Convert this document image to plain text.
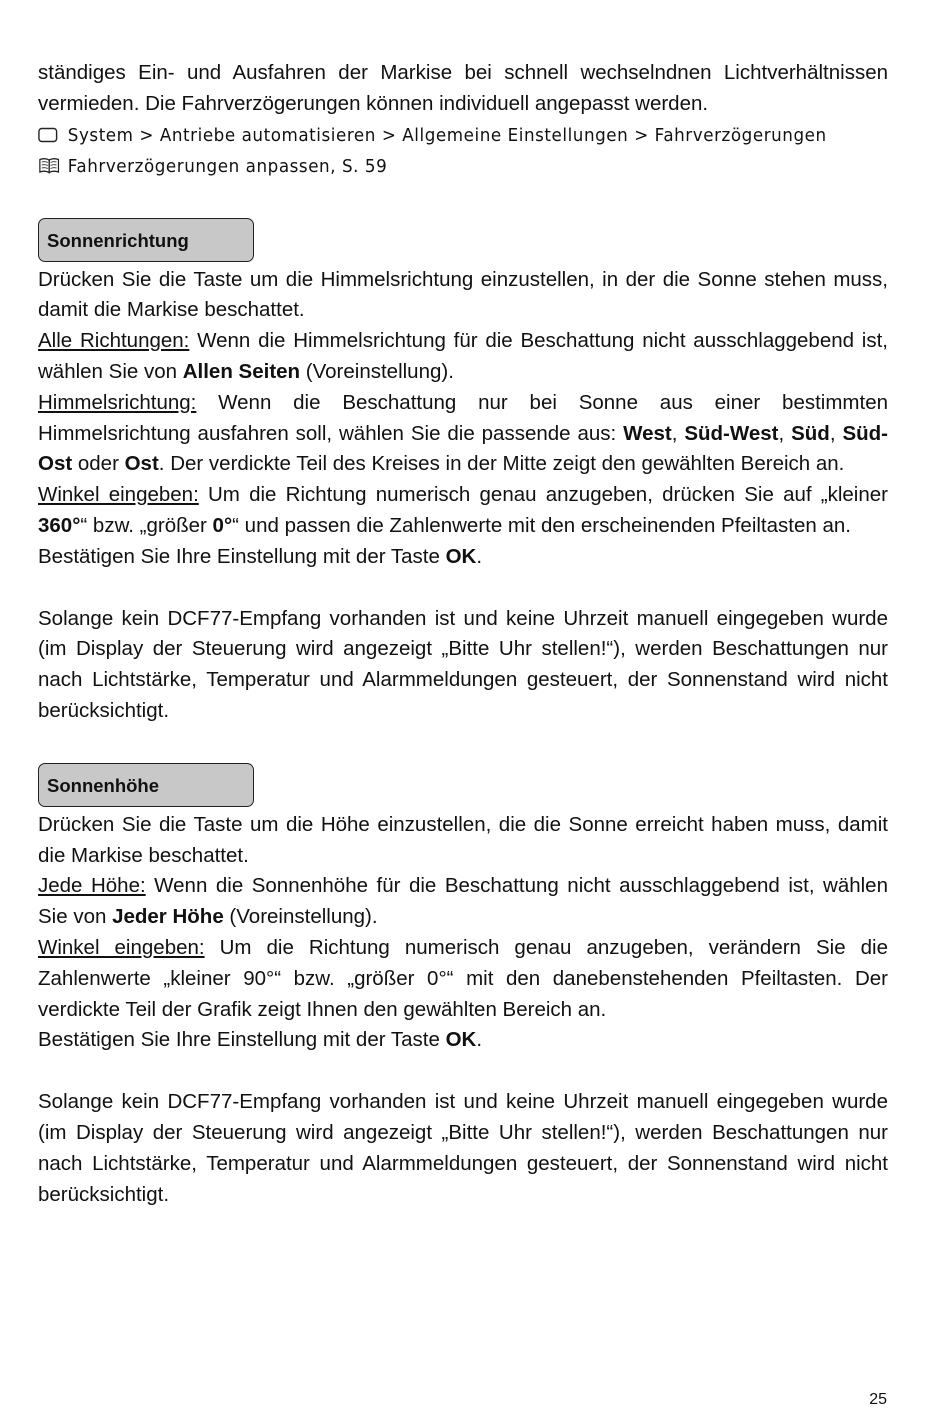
ständiges Ein- und Ausfahren der Markise bei schnell wechselndnen Lichtverhältnissen vermieden. Die Fahrverzögerungen können individuell angepasst werden.

System > Antriebe automatisieren > Allgemeine Einstellungen > Fahrverzögerungen
Fahrverzögerungen anpassen, S. 59
Sonnenrichtung

Drücken Sie die Taste um die Himmelsrichtung einzustellen, in der die Sonne stehen muss, damit die Markise beschattet.

Alle Richtungen: Wenn die Himmelsrichtung für die Beschattung nicht ausschlaggebend ist, wählen Sie von Allen Seiten (Voreinstellung).

Himmelsrichtung: Wenn die Beschattung nur bei Sonne aus einer bestimmten Himmelsrichtung ausfahren soll, wählen Sie die passende aus: West, Süd-West, Süd, Süd-Ost oder Ost. Der verdickte Teil des Kreises in der Mitte zeigt den gewählten Bereich an.

Winkel eingeben: Um die Richtung numerisch genau anzugeben, drücken Sie auf „kleiner 360°“ bzw. „größer 0°“ und passen die Zahlenwerte mit den erscheinenden Pfeiltasten an.

Bestätigen Sie Ihre Einstellung mit der Taste OK.

Solange kein DCF77-Empfang vorhanden ist und keine Uhrzeit manuell eingegeben wurde (im Display der Steuerung wird angezeigt „Bitte Uhr stellen!“), werden Beschattungen nur nach Lichtstärke, Temperatur und Alarmmeldungen gesteuert, der Sonnenstand wird nicht berücksichtigt.

Sonnenhöhe

Drücken Sie die Taste um die Höhe einzustellen, die die Sonne erreicht haben muss, damit die Markise beschattet.

Jede Höhe: Wenn die Sonnenhöhe für die Beschattung nicht ausschlaggebend ist, wählen Sie von Jeder Höhe (Voreinstellung).

Winkel eingeben: Um die Richtung numerisch genau anzugeben, verändern Sie die Zahlenwerte „kleiner 90°“ bzw. „größer 0°“ mit den danebenstehenden Pfeiltasten. Der verdickte Teil der Grafik zeigt Ihnen den gewählten Bereich an.

Bestätigen Sie Ihre Einstellung mit der Taste OK.

Solange kein DCF77-Empfang vorhanden ist und keine Uhrzeit manuell eingegeben wurde (im Display der Steuerung wird angezeigt „Bitte Uhr stellen!“), werden Beschattungen nur nach Lichtstärke, Temperatur und Alarmmeldungen gesteuert, der Sonnenstand wird nicht berücksichtigt.

25
